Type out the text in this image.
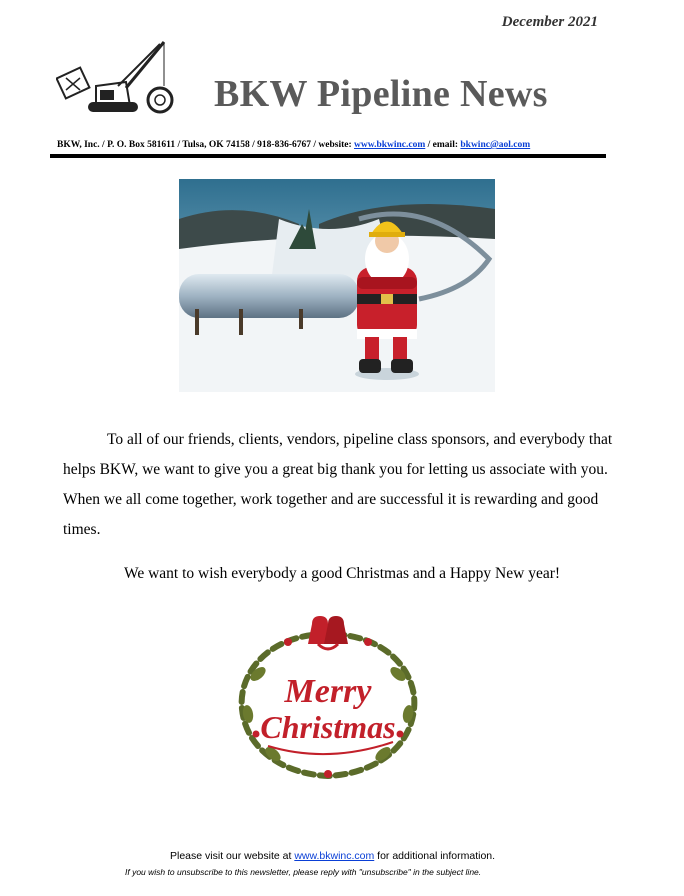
December 2021
BKW Pipeline News
BKW, Inc. / P. O. Box 581611 / Tulsa, OK 74158 / 918-836-6767 / website: www.bkwinc.com / email: bkwinc@aol.com
To all of our friends, clients, vendors, pipeline class sponsors, and everybody that helps BKW, we want to give you a great big thank you for letting us associate with you. When we all come together, work together and are successful it is rewarding and good times.
We want to wish everybody a good Christmas and a Happy New year!
Merry
Christmas
Please visit our website at www.bkwinc.com for additional information.
If you wish to unsubscribe to this newsletter, please reply with "unsubscribe" in the subject line.
